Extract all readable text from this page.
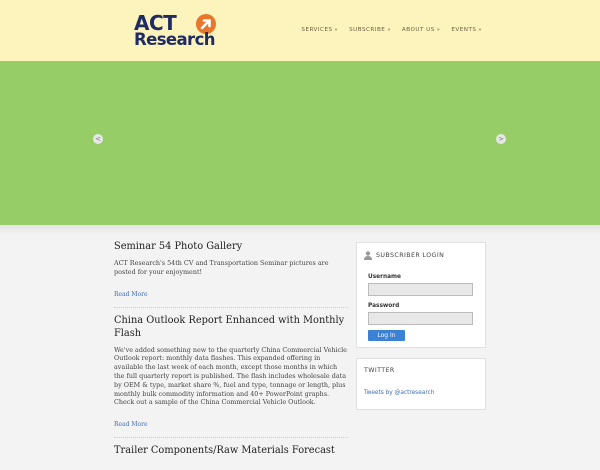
ACT
Research	SERVICES » SUBSCRIBE » ABOUT US » EVENTS »
<	>
Seminar 54 Photo Gallery

ACT Research's 54th CV and Transportation Seminar pictures are posted for your enjoyment!

Read More
China Outlook Report Enhanced with Monthly Flash

We've added something new to the quarterly China Commercial Vehicle Outlook report: monthly data flashes. This expanded offering in available the last week of each month, except those months in which the full quarterly report is published. The flash includes wholesale data by OEM & type, market share %, fuel and type, tonnage or length, plus monthly bulk commodity information and 40+ PowerPoint graphs. Check out a sample of the China Commercial Vehicle Outlook.

Read More
Trailer Components/Raw Materials Forecast
SUBSCRIBER LOGIN
Username
Password
Log In
TWITTER
Tweets by @actresearch
